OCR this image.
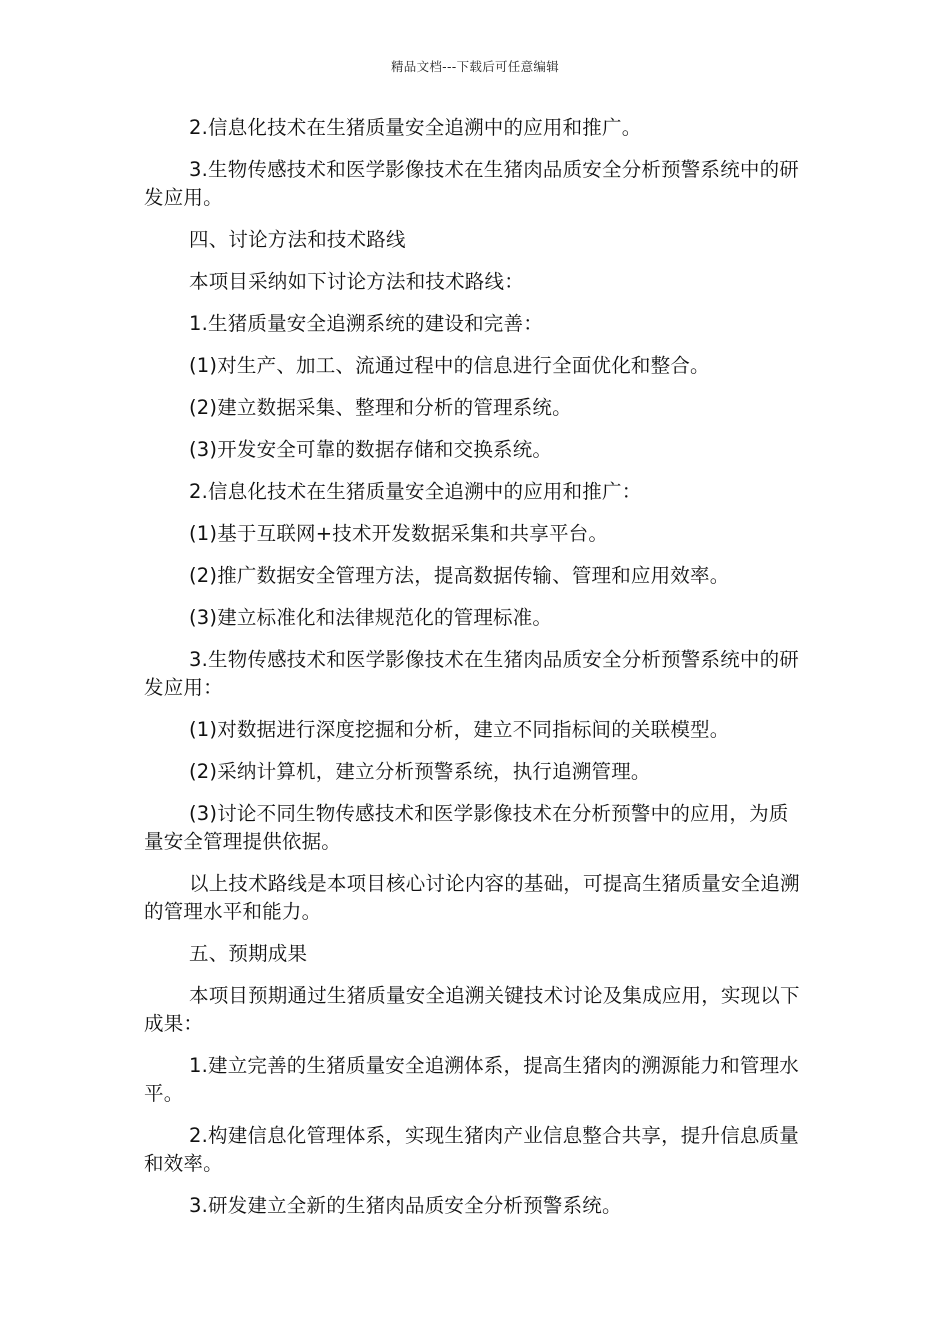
精品文档---下载后可任意编辑

2.信息化技术在生猪质量安全追溯中的应用和推广。

3.生物传感技术和医学影像技术在生猪肉品质安全分析预警系统中的研发应用。

四、讨论方法和技术路线

本项目采纳如下讨论方法和技术路线：

1.生猪质量安全追溯系统的建设和完善：

(1)对生产、加工、流通过程中的信息进行全面优化和整合。

(2)建立数据采集、整理和分析的管理系统。

(3)开发安全可靠的数据存储和交换系统。

2.信息化技术在生猪质量安全追溯中的应用和推广：

(1)基于互联网+技术开发数据采集和共享平台。

(2)推广数据安全管理方法，提高数据传输、管理和应用效率。

(3)建立标准化和法律规范化的管理标准。

3.生物传感技术和医学影像技术在生猪肉品质安全分析预警系统中的研发应用：

(1)对数据进行深度挖掘和分析，建立不同指标间的关联模型。

(2)采纳计算机，建立分析预警系统，执行追溯管理。

(3)讨论不同生物传感技术和医学影像技术在分析预警中的应用，为质量安全管理提供依据。

以上技术路线是本项目核心讨论内容的基础，可提高生猪质量安全追溯的管理水平和能力。

五、预期成果

本项目预期通过生猪质量安全追溯关键技术讨论及集成应用，实现以下成果：

1.建立完善的生猪质量安全追溯体系，提高生猪肉的溯源能力和管理水平。

2.构建信息化管理体系，实现生猪肉产业信息整合共享，提升信息质量和效率。

3.研发建立全新的生猪肉品质安全分析预警系统。
